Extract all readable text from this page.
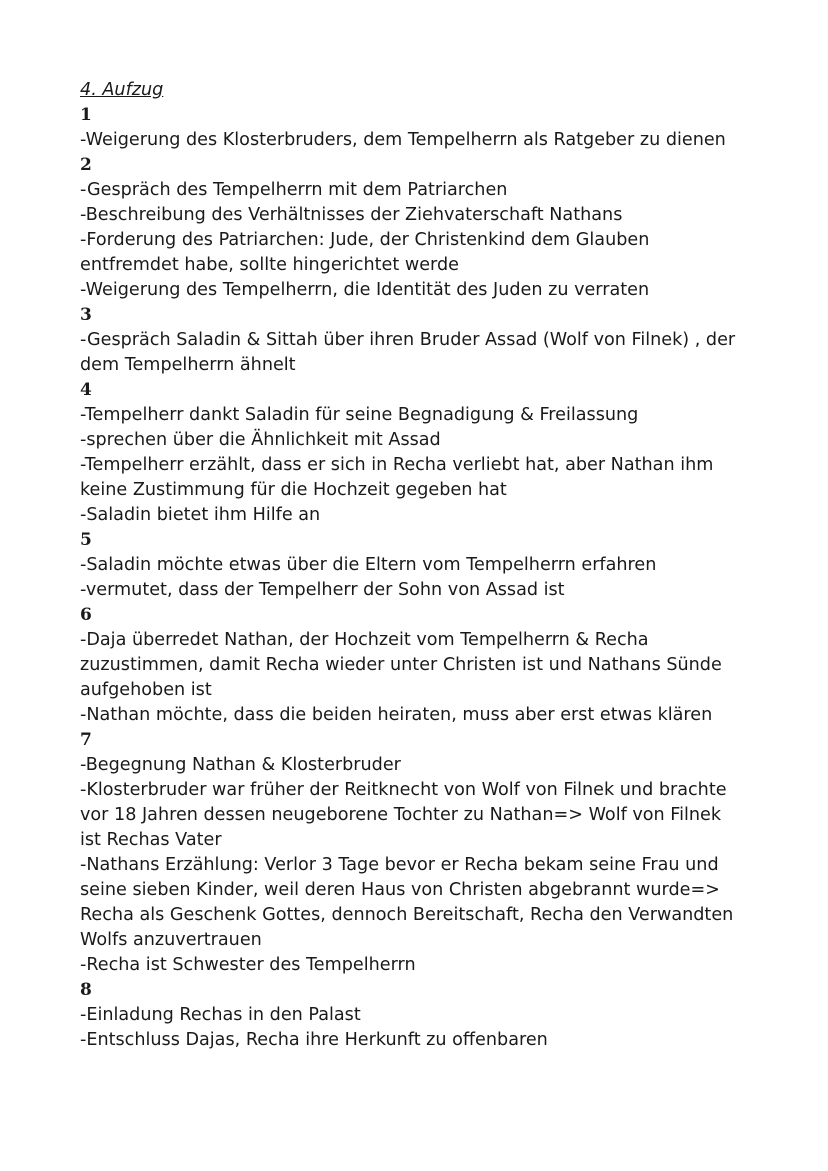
4. Aufzug
1
-Weigerung des Klosterbruders, dem Tempelherrn als Ratgeber zu dienen
2
-Gespräch des Tempelherrn mit dem Patriarchen
-Beschreibung des Verhältnisses der Ziehvaterschaft Nathans
-Forderung des Patriarchen: Jude, der Christenkind dem Glauben
entfremdet habe, sollte hingerichtet werde
-Weigerung des Tempelherrn, die Identität des Juden zu verraten
3
-Gespräch Saladin & Sittah über ihren Bruder Assad (Wolf von Filnek) , der
dem Tempelherrn ähnelt
4
-Tempelherr dankt Saladin für seine Begnadigung & Freilassung
-sprechen über die Ähnlichkeit mit Assad
-Tempelherr erzählt, dass er sich in Recha verliebt hat, aber Nathan ihm
keine Zustimmung für die Hochzeit gegeben hat
-Saladin bietet ihm Hilfe an
5
-Saladin möchte etwas über die Eltern vom Tempelherrn erfahren
-vermutet, dass der Tempelherr der Sohn von Assad ist
6
-Daja überredet Nathan, der Hochzeit vom Tempelherrn & Recha
zuzustimmen, damit Recha wieder unter Christen ist und Nathans Sünde
aufgehoben ist
-Nathan möchte, dass die beiden heiraten, muss aber erst etwas klären
7
-Begegnung Nathan & Klosterbruder
-Klosterbruder war früher der Reitknecht von Wolf von Filnek und brachte
vor 18 Jahren dessen neugeborene Tochter zu Nathan=> Wolf von Filnek
ist Rechas Vater
-Nathans Erzählung: Verlor 3 Tage bevor er Recha bekam seine Frau und
seine sieben Kinder, weil deren Haus von Christen abgebrannt wurde=>
Recha als Geschenk Gottes, dennoch Bereitschaft, Recha den Verwandten
Wolfs anzuvertrauen
-Recha ist Schwester des Tempelherrn
8
-Einladung Rechas in den Palast
-Entschluss Dajas, Recha ihre Herkunft zu offenbaren
